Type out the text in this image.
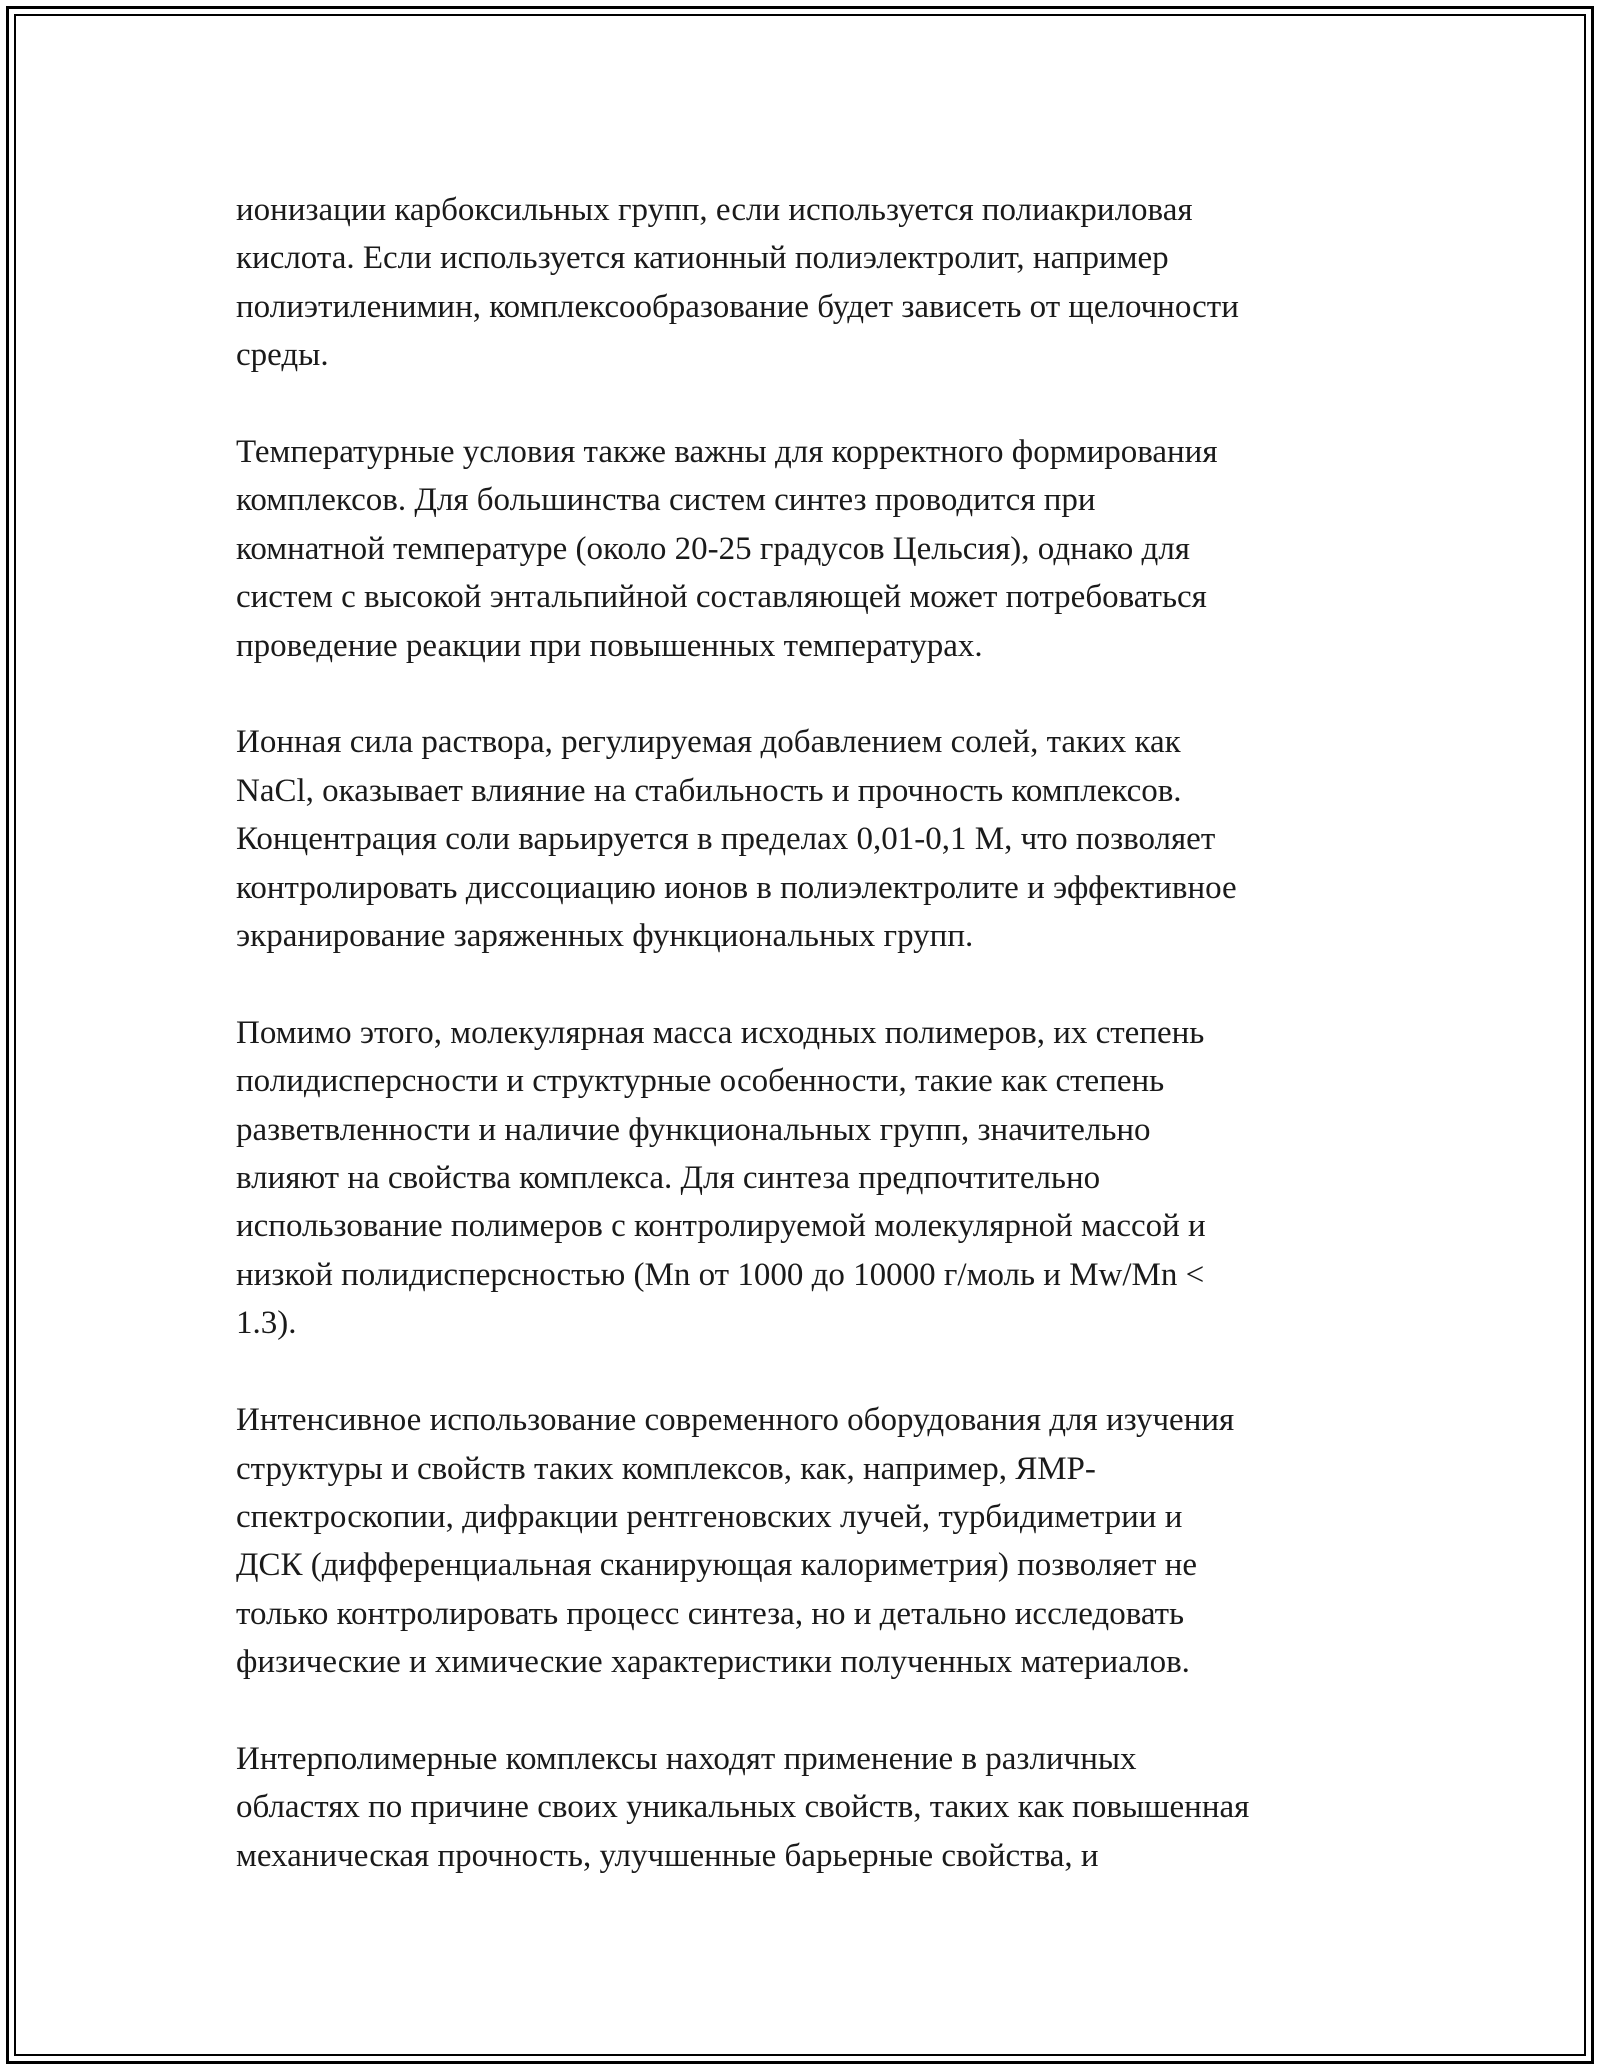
ионизации карбоксильных групп, если используется полиакриловая
кислота. Если используется катионный полиэлектролит, например
полиэтиленимин, комплексообразование будет зависеть от щелочности
среды.

Температурные условия также важны для корректного формирования
комплексов. Для большинства систем синтез проводится при
комнатной температуре (около 20-25 градусов Цельсия), однако для
систем с высокой энтальпийной составляющей может потребоваться
проведение реакции при повышенных температурах.

Ионная сила раствора, регулируемая добавлением солей, таких как
NaCl, оказывает влияние на стабильность и прочность комплексов.
Концентрация соли варьируется в пределах 0,01-0,1 М, что позволяет
контролировать диссоциацию ионов в полиэлектролите и эффективное
экранирование заряженных функциональных групп.

Помимо этого, молекулярная масса исходных полимеров, их степень
полидисперсности и структурные особенности, такие как степень
разветвленности и наличие функциональных групп, значительно
влияют на свойства комплекса. Для синтеза предпочтительно
использование полимеров с контролируемой молекулярной массой и
низкой полидисперсностью (Mn от 1000 до 10000 г/моль и Mw/Mn <
1.3).

Интенсивное использование современного оборудования для изучения
структуры и свойств таких комплексов, как, например, ЯМР-
спектроскопии, дифракции рентгеновских лучей, турбидиметрии и
ДСК (дифференциальная сканирующая калориметрия) позволяет не
только контролировать процесс синтеза, но и детально исследовать
физические и химические характеристики полученных материалов.

Интерполимерные комплексы находят применение в различных
областях по причине своих уникальных свойств, таких как повышенная
механическая прочность, улучшенные барьерные свойства, и
